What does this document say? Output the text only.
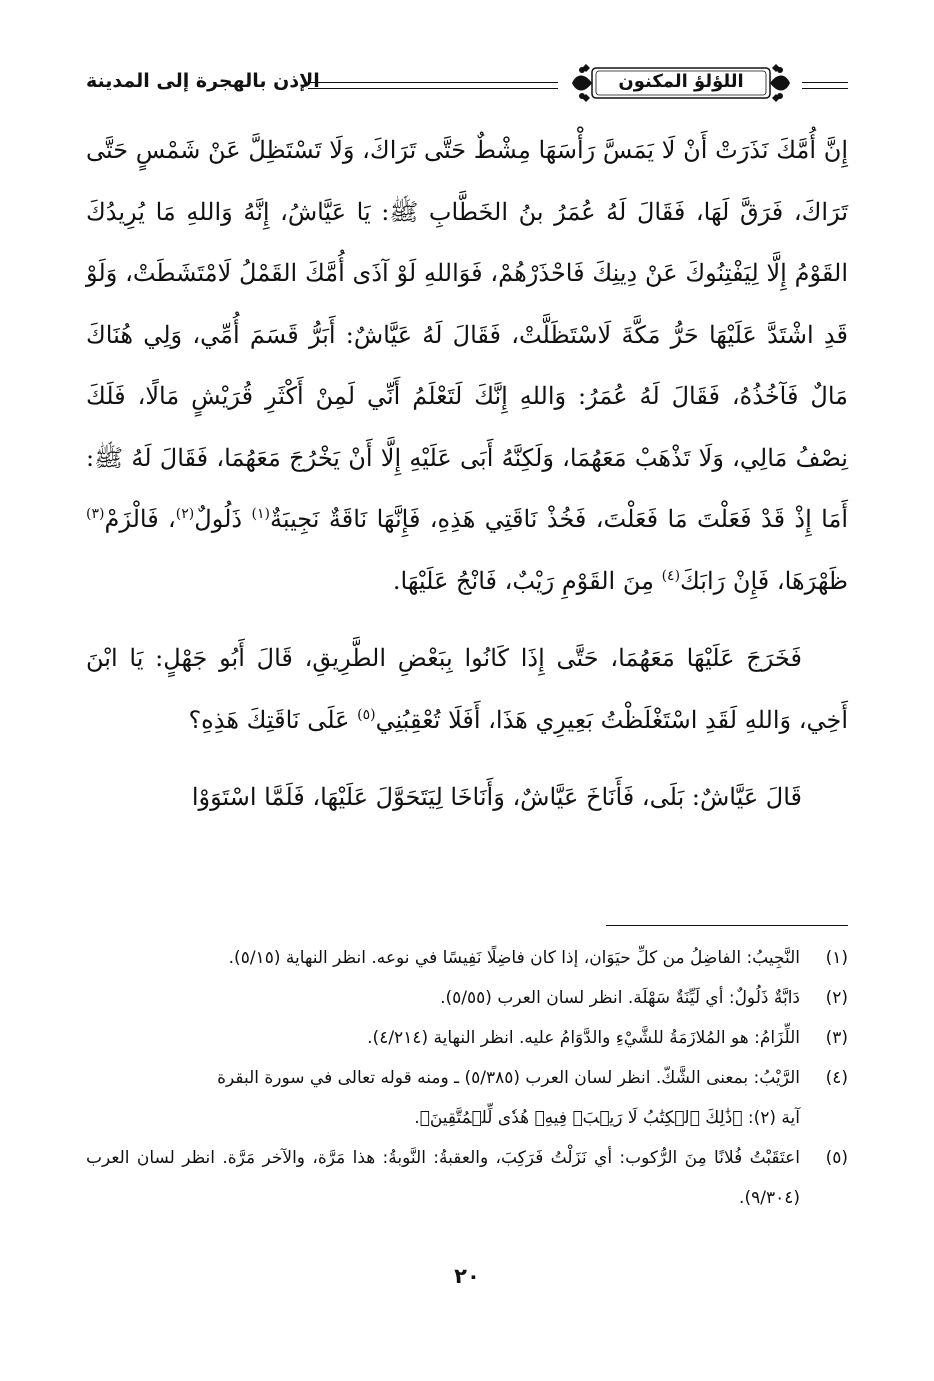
الإذن بالهجرة إلى المدينة	اللؤلؤ المكنون

إِنَّ أُمَّكَ نَذَرَتْ أَنْ لَا يَمَسَّ رَأْسَهَا مِشْطٌ حَتَّى تَرَاكَ، وَلَا تَسْتَظِلَّ عَنْ شَمْسٍ حَتَّى تَرَاكَ، فَرَقَّ لَهَا، فَقَالَ لَهُ عُمَرُ بنُ الخَطَّابِ ﷺ: يَا عَيَّاشُ، إِنَّهُ وَاللهِ مَا يُرِيدُكَ القَوْمُ إِلَّا لِيَفْتِنُوكَ عَنْ دِينِكَ فَاحْذَرْهُمْ، فَوَاللهِ لَوْ آذَى أُمَّكَ القَمْلُ لَامْتَشَطَتْ، وَلَوْ قَدِ اشْتَدَّ عَلَيْهَا حَرُّ مَكَّةَ لَاسْتَظَلَّتْ، فَقَالَ لَهُ عَيَّاشٌ: أَبَرُّ قَسَمَ أُمِّي، وَلِي هُنَاكَ مَالٌ فَآخُذُهُ، فَقَالَ لَهُ عُمَرُ: وَاللهِ إِنَّكَ لَتَعْلَمُ أَنِّي لَمِنْ أَكْثَرِ قُرَيْشٍ مَالًا، فَلَكَ نِصْفُ مَالِي، وَلَا تَذْهَبْ مَعَهُمَا، وَلَكِنَّهُ أَبَى عَلَيْهِ إِلَّا أَنْ يَخْرُجَ مَعَهُمَا، فَقَالَ لَهُ ﷺ: أَمَا إِذْ قَدْ فَعَلْتَ مَا فَعَلْتَ، فَخُذْ نَاقَتِي هَذِهِ، فَإِنَّهَا نَاقَةٌ نَجِيبَةٌ$^{(١)}$ ذَلُولٌ$^{(٢)}$، فَالْزَمْ$^{(٣)}$ ظَهْرَهَا، فَإِنْ رَابَكَ$^{(٤)}$ مِنَ القَوْمِ رَيْبٌ، فَانْجُ عَلَيْهَا.

فَخَرَجَ عَلَيْهَا مَعَهُمَا، حَتَّى إِذَا كَانُوا بِبَعْضِ الطَّرِيقِ، قَالَ أَبُو جَهْلٍ: يَا ابْنَ أَخِي، وَاللهِ لَقَدِ اسْتَغْلَظْتُ بَعِيرِي هَذَا، أَفَلَا تُعْقِبُنِي$^{(٥)}$ عَلَى نَاقَتِكَ هَذِهِ؟

قَالَ عَيَّاشٌ: بَلَى، فَأَنَاخَ عَيَّاشٌ، وَأَنَاخَا لِيَتَحَوَّلَ عَلَيْهَا، فَلَمَّا اسْتَوَوْا

(١)
النَّجِيبُ: الفاضِلُ من كلِّ حيَوَان، إذا كان فاضِلًا نَفِيسًا في نوعه. انظر النهاية (٥/١٥).
(٢)
دَابَّةٌ ذَلُولٌ: أي لَيِّنَةٌ سَهْلَة. انظر لسان العرب (٥/٥٥).
(٣)
اللِّزَامُ: هو المُلازَمَةُ للشَّيْءِ والدَّوَامُ عليه. انظر النهاية (٤/٢١٤).
(٤)
الرَّيْبُ: بمعنى الشَّكّ. انظر لسان العرب (٥/٣٨٥) ـ ومنه قوله تعالى في سورة البقرة
آية (٢): ﴿ذَٰلِكَ ٱلۡكِتَٰبُ لَا رَيۡبَۛ فِيهِۛ هُدٗى لِّلۡمُتَّقِينَ﴾.
(٥)
اعتَقَبْتُ فُلانًا مِنَ الرُّكوب: أي نَزَلْتُ فَرَكِبَ، والعقبةُ: النَّوبةُ: هذا مَرَّة، والآخر مَرَّة. انظر لسان العرب (٩/٣٠٤).
٢٠
